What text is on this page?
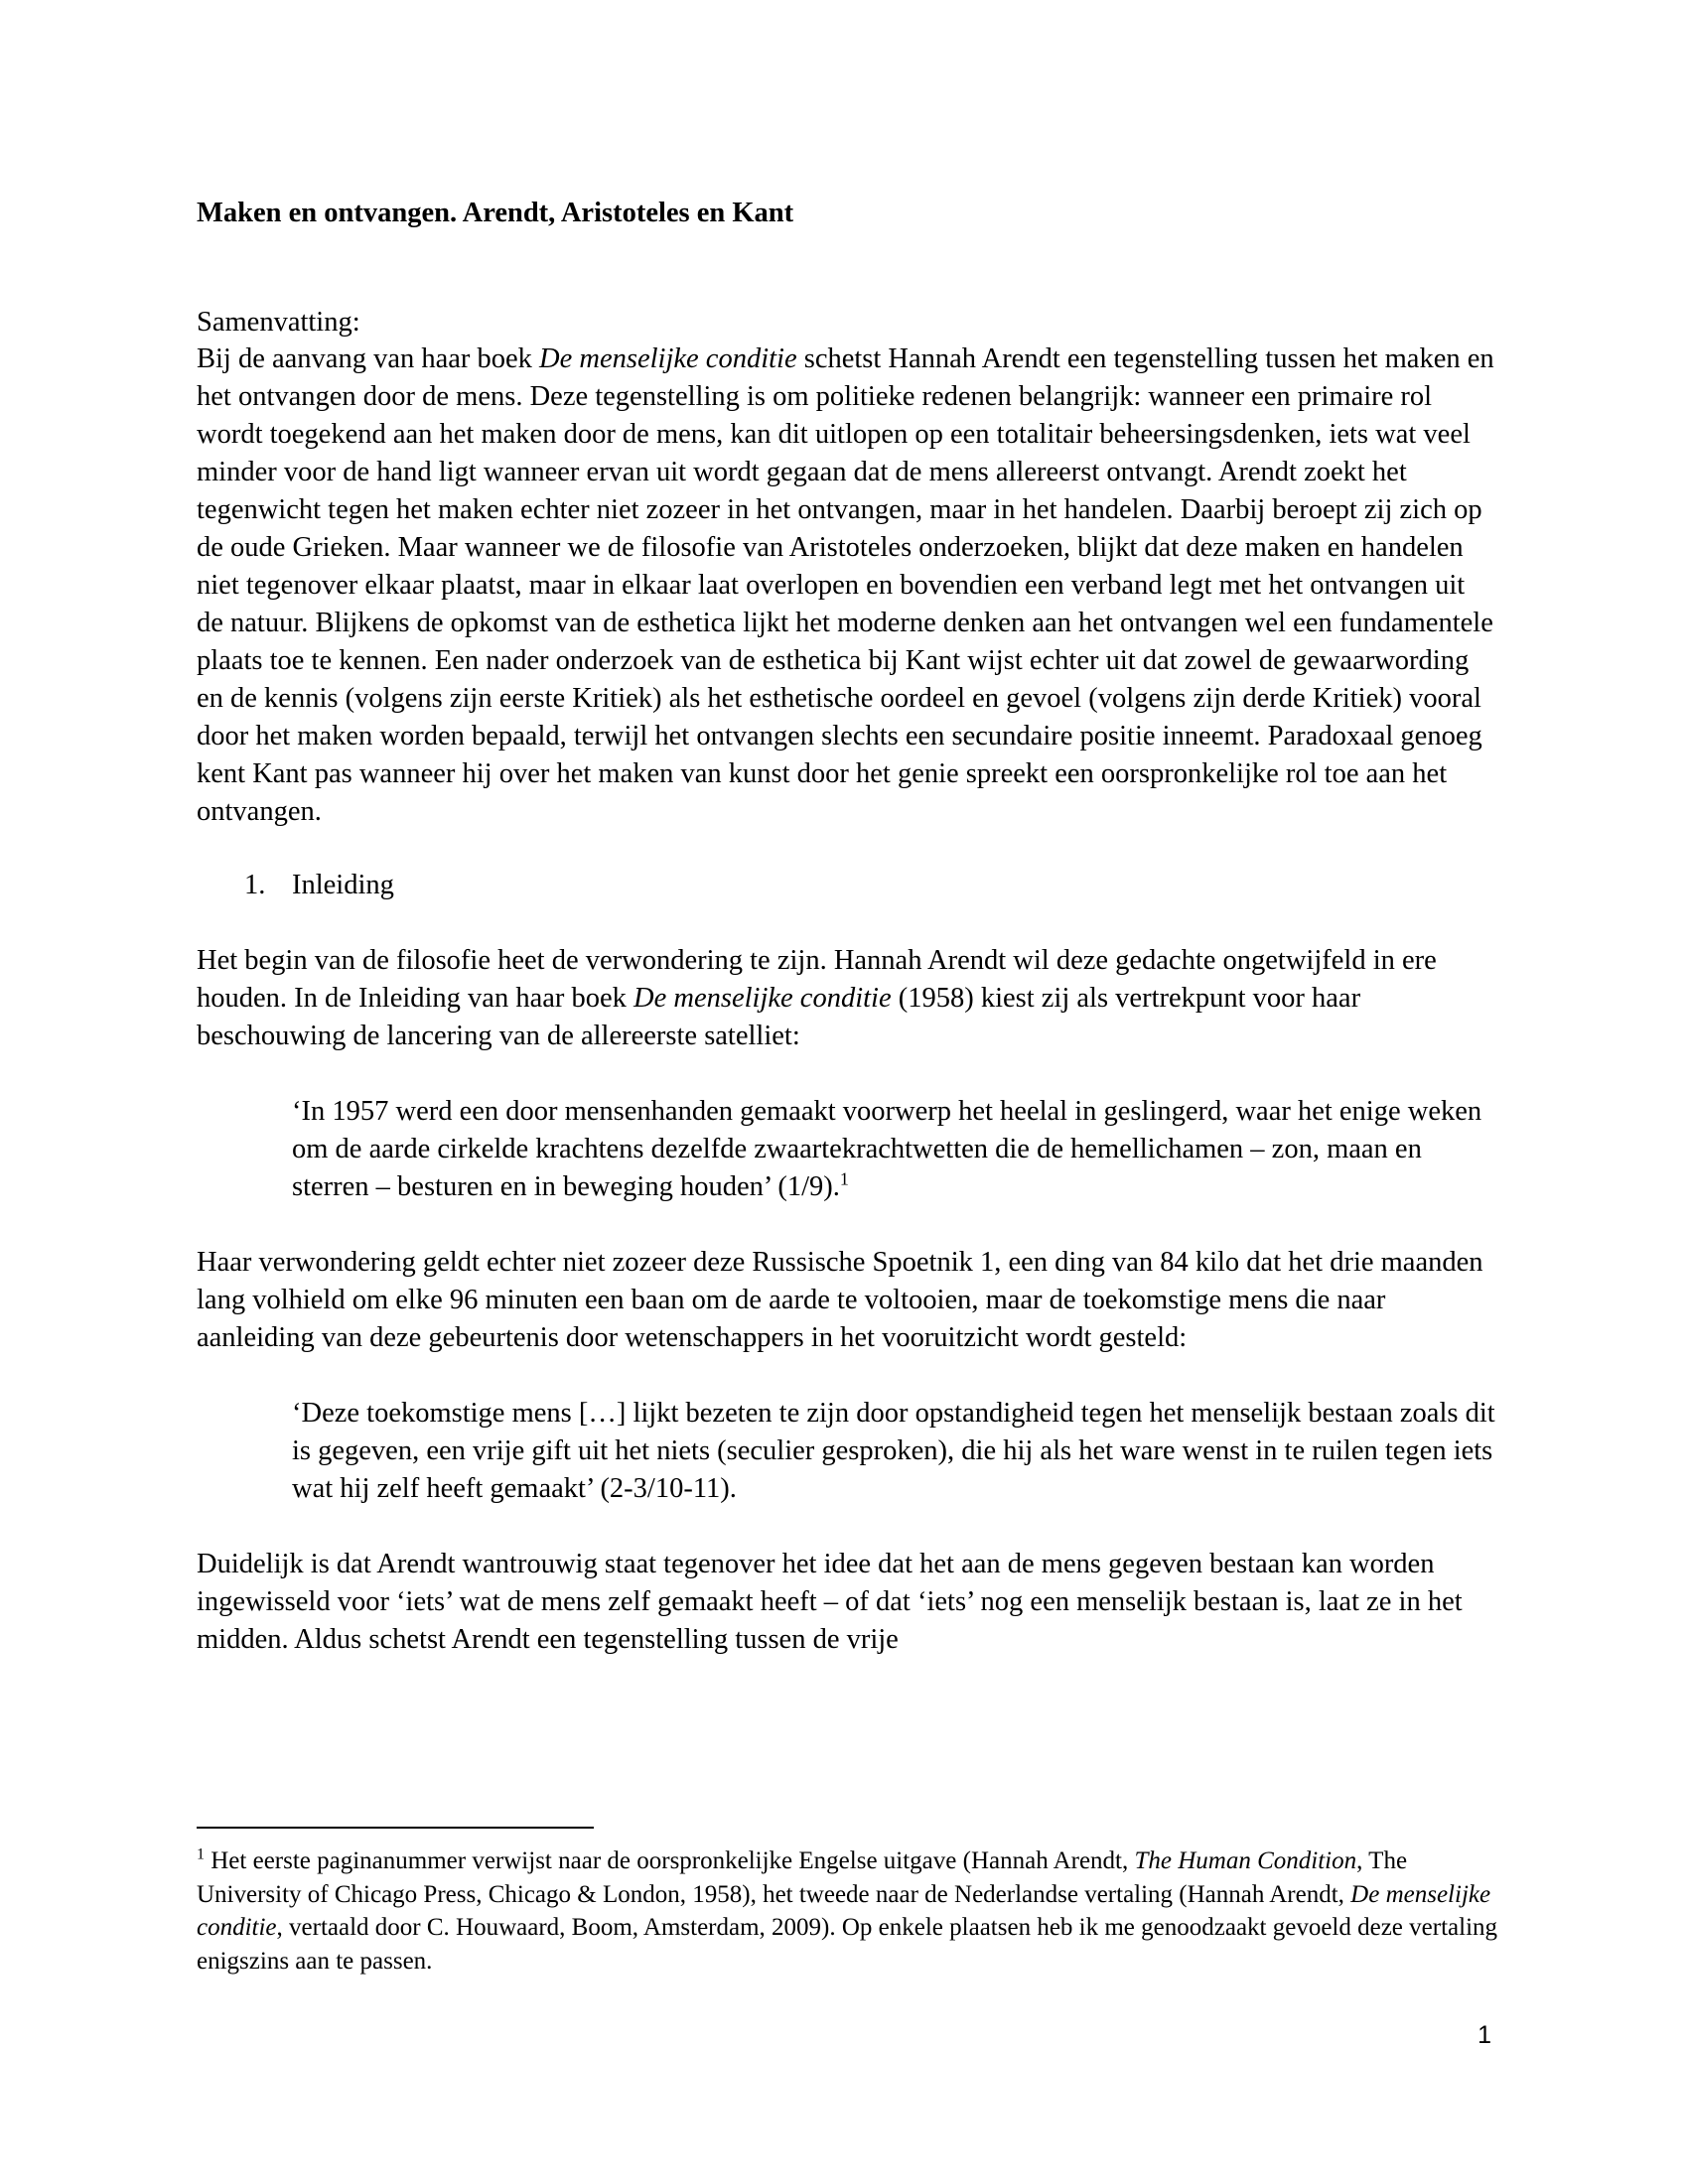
Maken en ontvangen. Arendt, Aristoteles en Kant
Samenvatting:

Bij de aanvang van haar boek De menselijke conditie schetst Hannah Arendt een tegenstelling tussen het maken en het ontvangen door de mens. Deze tegenstelling is om politieke redenen belangrijk: wanneer een primaire rol wordt toegekend aan het maken door de mens, kan dit uitlopen op een totalitair beheersingsdenken, iets wat veel minder voor de hand ligt wanneer ervan uit wordt gegaan dat de mens allereerst ontvangt. Arendt zoekt het tegenwicht tegen het maken echter niet zozeer in het ontvangen, maar in het handelen. Daarbij beroept zij zich op de oude Grieken. Maar wanneer we de filosofie van Aristoteles onderzoeken, blijkt dat deze maken en handelen niet tegenover elkaar plaatst, maar in elkaar laat overlopen en bovendien een verband legt met het ontvangen uit de natuur. Blijkens de opkomst van de esthetica lijkt het moderne denken aan het ontvangen wel een fundamentele plaats toe te kennen. Een nader onderzoek van de esthetica bij Kant wijst echter uit dat zowel de gewaarwording en de kennis (volgens zijn eerste Kritiek) als het esthetische oordeel en gevoel (volgens zijn derde Kritiek) vooral door het maken worden bepaald, terwijl het ontvangen slechts een secundaire positie inneemt. Paradoxaal genoeg kent Kant pas wanneer hij over het maken van kunst door het genie spreekt een oorspronkelijke rol toe aan het ontvangen.

1. Inleiding

Het begin van de filosofie heet de verwondering te zijn. Hannah Arendt wil deze gedachte ongetwijfeld in ere houden. In de Inleiding van haar boek De menselijke conditie (1958) kiest zij als vertrekpunt voor haar beschouwing de lancering van de allereerste satelliet:

‘In 1957 werd een door mensenhanden gemaakt voorwerp het heelal in geslingerd, waar het enige weken om de aarde cirkelde krachtens dezelfde zwaartekrachtwetten die de hemellichamen – zon, maan en sterren – besturen en in beweging houden’ (1/9).$^1$

Haar verwondering geldt echter niet zozeer deze Russische Spoetnik 1, een ding van 84 kilo dat het drie maanden lang volhield om elke 96 minuten een baan om de aarde te voltooien, maar de toekomstige mens die naar aanleiding van deze gebeurtenis door wetenschappers in het vooruitzicht wordt gesteld:

‘Deze toekomstige mens […] lijkt bezeten te zijn door opstandigheid tegen het menselijk bestaan zoals dit is gegeven, een vrije gift uit het niets (seculier gesproken), die hij als het ware wenst in te ruilen tegen iets wat hij zelf heeft gemaakt’ (2-3/10-11).

Duidelijk is dat Arendt wantrouwig staat tegenover het idee dat het aan de mens gegeven bestaan kan worden ingewisseld voor ‘iets’ wat de mens zelf gemaakt heeft – of dat ‘iets’ nog een menselijk bestaan is, laat ze in het midden. Aldus schetst Arendt een tegenstelling tussen de vrije

$^1$ Het eerste paginanummer verwijst naar de oorspronkelijke Engelse uitgave (Hannah Arendt, The Human Condition, The University of Chicago Press, Chicago & London, 1958), het tweede naar de Nederlandse vertaling (Hannah Arendt, De menselijke conditie, vertaald door C. Houwaard, Boom, Amsterdam, 2009). Op enkele plaatsen heb ik me genoodzaakt gevoeld deze vertaling enigszins aan te passen.
1
